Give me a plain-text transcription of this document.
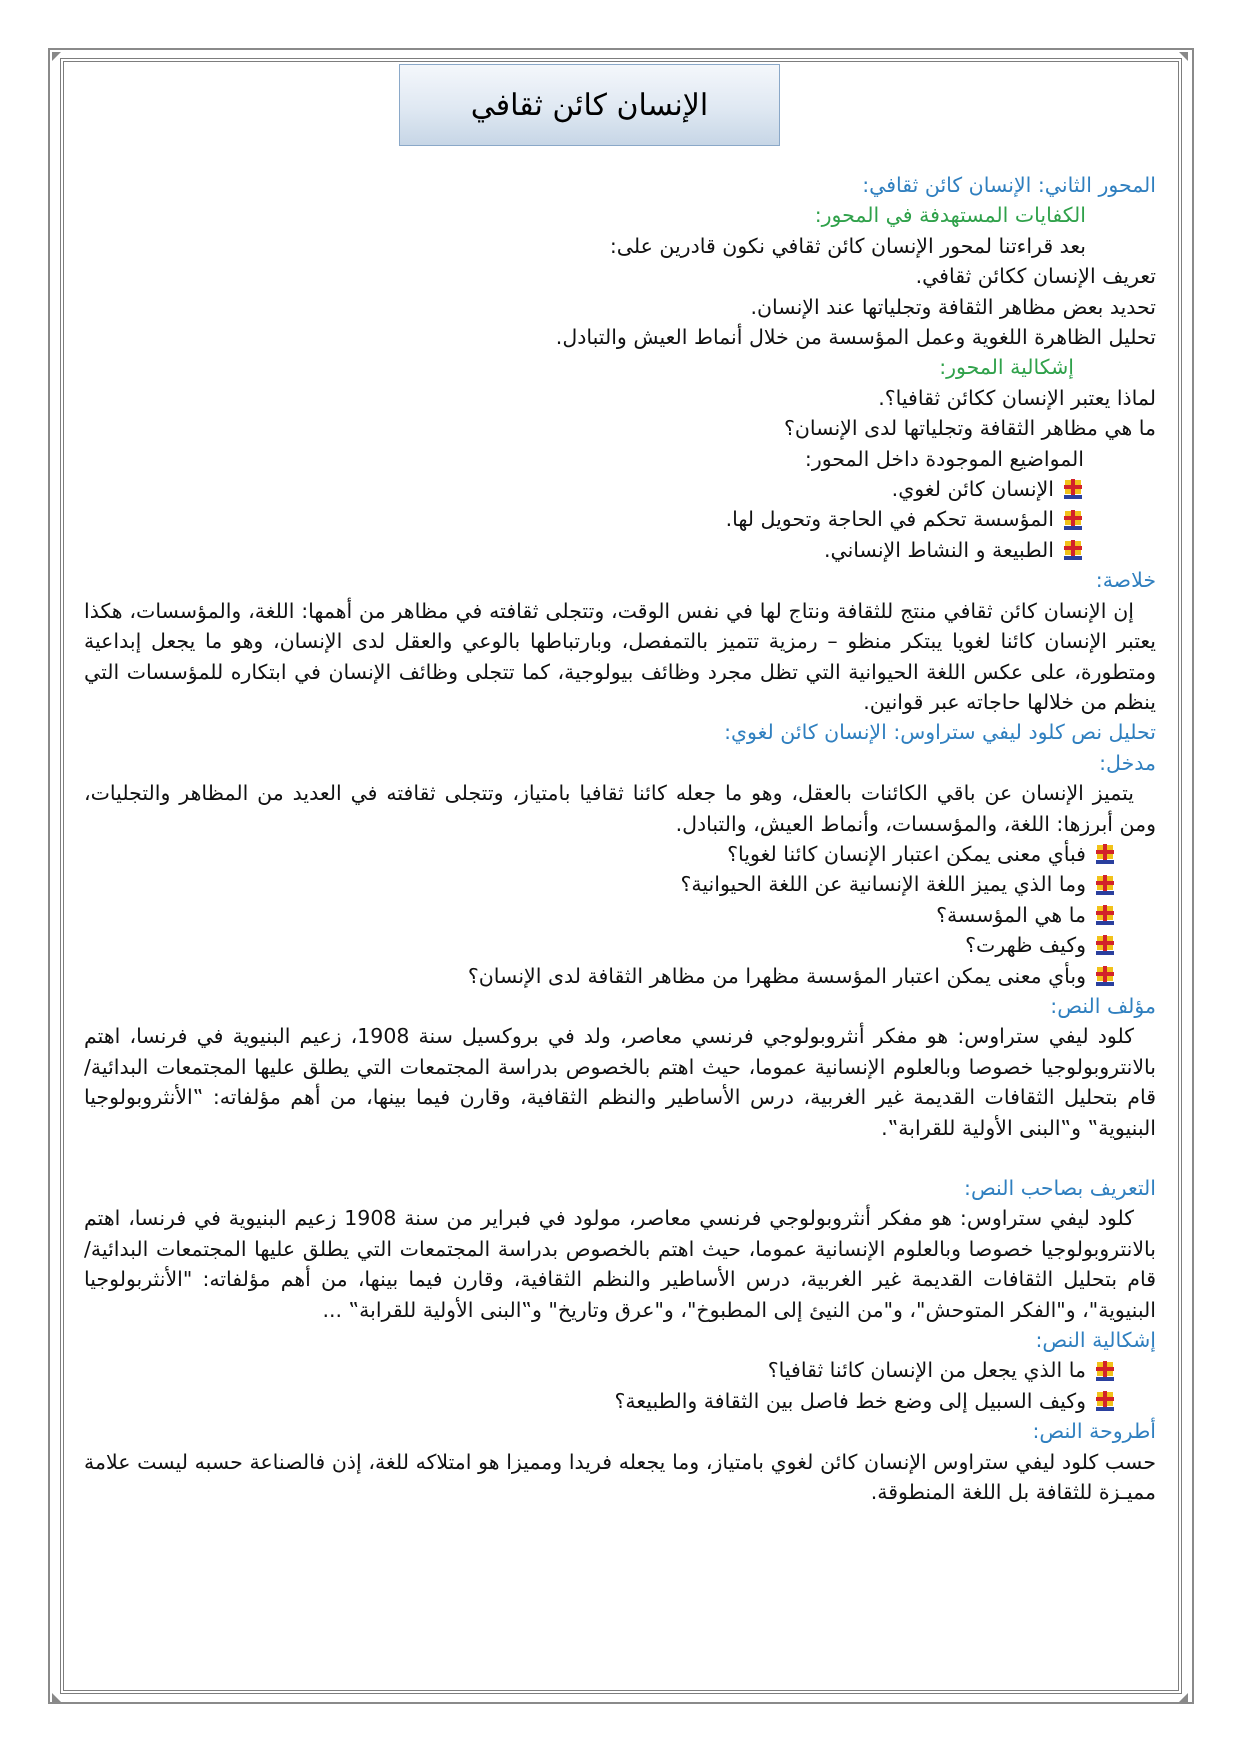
الإنسان كائن ثقافي
المحور الثاني: الإنسان كائن ثقافي:
الكفايات المستهدفة في المحور:
بعد قراءتنا لمحور الإنسان كائن ثقافي نكون قادرين على:
تعريف الإنسان ككائن ثقافي.
تحديد بعض مظاهر الثقافة وتجلياتها عند الإنسان.
تحليل الظاهرة اللغوية وعمل المؤسسة من خلال أنماط العيش والتبادل.
إشكالية المحور:
لماذا يعتبر الإنسان ككائن ثقافيا؟.
ما هي مظاهر الثقافة وتجلياتها لدى الإنسان؟
المواضيع الموجودة داخل المحور:
الإنسان كائن لغوي.
المؤسسة تحكم في الحاجة وتحويل لها.
الطبيعة و النشاط الإنساني.
خلاصة:
إن الإنسان كائن ثقافي منتج للثقافة ونتاج لها في نفس الوقت، وتتجلى ثقافته في مظاهر من أهمها: اللغة، والمؤسسات، هكذا يعتبر الإنسان كائنا لغويا يبتكر منظو – رمزية تتميز بالتمفصل، وبارتباطها بالوعي والعقل لدى الإنسان، وهو ما يجعل إبداعية ومتطورة، على عكس اللغة الحيوانية التي تظل مجرد وظائف بيولوجية، كما تتجلى وظائف الإنسان في ابتكاره للمؤسسات التي ينظم من خلالها حاجاته عبر قوانين.
تحليل نص كلود ليفي ستراوس: الإنسان كائن لغوي:
مدخل:
يتميز الإنسان عن باقي الكائنات بالعقل، وهو ما جعله كائنا ثقافيا بامتياز، وتتجلى ثقافته في العديد من المظاهر والتجليات، ومن أبرزها: اللغة، والمؤسسات، وأنماط العيش، والتبادل.
فبأي معنى يمكن اعتبار الإنسان كائنا لغويا؟
وما الذي يميز اللغة الإنسانية عن اللغة الحيوانية؟
ما هي المؤسسة؟
وكيف ظهرت؟
وبأي معنى يمكن اعتبار المؤسسة مظهرا من مظاهر الثقافة لدى الإنسان؟
مؤلف النص:
كلود ليفي ستراوس: هو مفكر أنثروبولوجي فرنسي معاصر، ولد في بروكسيل سنة 1908، زعيم البنيوية في فرنسا، اهتم بالانتروبولوجيا خصوصا وبالعلوم الإنسانية عموما، حيث اهتم بالخصوص بدراسة المجتمعات التي يطلق عليها المجتمعات البدائية/ قام بتحليل الثقافات القديمة غير الغربية، درس الأساطير والنظم الثقافية، وقارن فيما بينها، من أهم مؤلفاته: ‟الأنثروبولوجيا البنيوية‟ و‟البنى الأولية للقرابة‟.
التعريف بصاحب النص:
كلود ليفي ستراوس: هو مفكر أنثروبولوجي فرنسي معاصر، مولود في فبراير من سنة 1908 زعيم البنيوية في فرنسا، اهتم بالانتروبولوجيا خصوصا وبالعلوم الإنسانية عموما، حيث اهتم بالخصوص بدراسة المجتمعات التي يطلق عليها المجتمعات البدائية/ قام بتحليل الثقافات القديمة غير الغربية، درس الأساطير والنظم الثقافية، وقارن فيما بينها، من أهم مؤلفاته: "الأنثربولوجيا البنيوية"، و"الفكر المتوحش"، و"من النيئ إلى المطبوخ"، و"عرق وتاريخ" و‟البنى الأولية للقرابة‟ ...
إشكالية النص:
ما الذي يجعل من الإنسان كائنا ثقافيا؟
وكيف السبيل إلى وضع خط فاصل بين الثقافة والطبيعة؟
أطروحة النص:
حسب كلود ليفي ستراوس الإنسان كائن لغوي بامتياز، وما يجعله فريدا ومميزا هو امتلاكه للغة، إذن فالصناعة حسبه ليست علامة مميـزة للثقافة بل اللغة المنطوقة.
